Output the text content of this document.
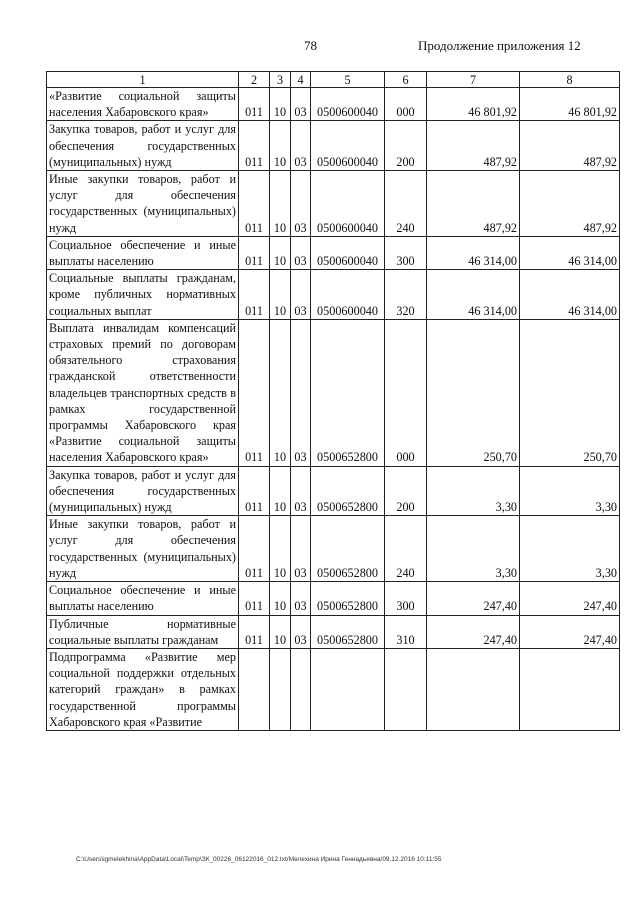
78	Продолжение приложения 12
1	2	3	4	5	6	7	8
«Развитие социальной защиты населения Хабаровского края»	011	10	03	0500600040	000	46 801,92	46 801,92
Закупка товаров, работ и услуг для обеспечения государственных (муниципальных) нужд	011	10	03	0500600040	200	487,92	487,92
Иные закупки товаров, работ и услуг для обеспечения государственных (муниципальных) нужд	011	10	03	0500600040	240	487,92	487,92
Социальное обеспечение и иные выплаты населению	011	10	03	0500600040	300	46 314,00	46 314,00
Социальные выплаты гражданам, кроме публичных нормативных социальных выплат	011	10	03	0500600040	320	46 314,00	46 314,00
Выплата инвалидам компенсаций страховых премий по договорам обязательного страхования гражданской ответственности владельцев транспортных средств в рамках государственной программы Хабаровского края «Развитие социальной защиты населения Хабаровского края»	011	10	03	0500652800	000	250,70	250,70
Закупка товаров, работ и услуг для обеспечения государственных (муниципальных) нужд	011	10	03	0500652800	200	3,30	3,30
Иные закупки товаров, работ и услуг для обеспечения государственных (муниципальных) нужд	011	10	03	0500652800	240	3,30	3,30
Социальное обеспечение и иные выплаты населению	011	10	03	0500652800	300	247,40	247,40
Публичные нормативные социальные выплаты гражданам	011	10	03	0500652800	310	247,40	247,40
Подпрограмма «Развитие мер социальной поддержки отдельных категорий граждан» в рамках государственной программы Хабаровского края «Развитие							
C:\Users\igmelekhina\AppData\Local\Temp\ЗК_00226_06122016_012.txt/Мелехина Ирина Геннадьевна/09.12.2016 10:11:55
